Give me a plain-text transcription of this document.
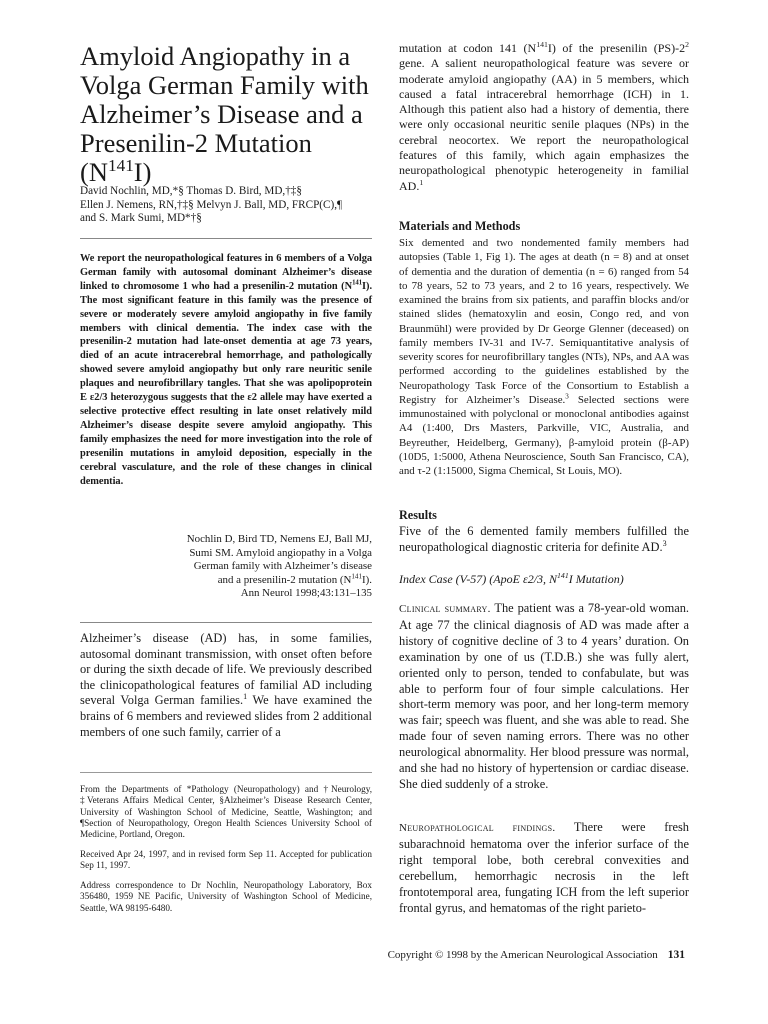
Amyloid Angiopathy in a
Volga German Family with
Alzheimer’s Disease and a
Presenilin-2 Mutation
$(N^{141}I)$

David Nochlin, MD,*§ Thomas D. Bird, MD,†‡§
Ellen J. Nemens, RN,†‡§ Melvyn J. Ball, MD, FRCP(C),¶
and S. Mark Sumi, MD*†§

We report the neuropathological features in 6 members of a Volga German family with autosomal dominant Alzheimer’s disease linked to chromosome 1 who had a presenilin-2 mutation $(N^{141}I)$. The most significant feature in this family was the presence of severe or moderately severe amyloid angiopathy in five family members with clinical dementia. The index case with the presenilin-2 mutation had late-onset dementia at age 73 years, died of an acute intracerebral hemorrhage, and pathologically showed severe amyloid angiopathy but only rare neuritic senile plaques and neurofibrillary tangles. That she was apolipoprotein E ε2/3 heterozygous suggests that the ε2 allele may have exerted a selective protective effect resulting in late onset relatively mild Alzheimer’s disease despite severe amyloid angiopathy. This family emphasizes the need for more investigation into the role of presenilin mutations in amyloid deposition, especially in the cerebral vasculature, and the role of these changes in clinical dementia.

Nochlin D, Bird TD, Nemens EJ, Ball MJ,
Sumi SM. Amyloid angiopathy in a Volga
German family with Alzheimer’s disease
and a presenilin-2 mutation $(N^{141}I)$.
Ann Neurol 1998;43:131–135

Alzheimer’s disease (AD) has, in some families, autosomal dominant transmission, with onset often before or during the sixth decade of life. We previously described the clinicopathological features of familial AD including several Volga German families.$^1$ We have examined the brains of 6 members and reviewed slides from 2 additional members of one such family, carrier of a

From the Departments of *Pathology (Neuropathology) and †Neurology, ‡Veterans Affairs Medical Center, §Alzheimer’s Disease Research Center, University of Washington School of Medicine, Seattle, Washington; and ¶Section of Neuropathology, Oregon Health Sciences University School of Medicine, Portland, Oregon.

Received Apr 24, 1997, and in revised form Sep 11. Accepted for publication Sep 11, 1997.

Address correspondence to Dr Nochlin, Neuropathology Laboratory, Box 356480, 1959 NE Pacific, University of Washington School of Medicine, Seattle, WA 98195-6480.

mutation at codon 141 $(N^{141}I)$ of the presenilin $(PS)-2^2$ gene. A salient neuropathological feature was severe or moderate amyloid angiopathy (AA) in 5 members, which caused a fatal intracerebral hemorrhage (ICH) in 1. Although this patient also had a history of dementia, there were only occasional neuritic senile plaques (NPs) in the cerebral neocortex. We report the neuropathological features of this family, which again emphasizes the neuropathological phenotypic heterogeneity in familial AD.$^1$

Materials and Methods

Six demented and two nondemented family members had autopsies (Table 1, Fig 1). The ages at death (n = 8) and at onset of dementia and the duration of dementia (n = 6) ranged from 54 to 78 years, 52 to 73 years, and 2 to 16 years, respectively. We examined the brains from six patients, and paraffin blocks and/or stained slides (hematoxylin and eosin, Congo red, and von Braunmühl) were provided by Dr George Glenner (deceased) on family members IV-31 and IV-7. Semiquantitative analysis of severity scores for neurofibrillary tangles (NTs), NPs, and AA was performed according to the guidelines established by the Neuropathology Task Force of the Consortium to Establish a Registry for Alzheimer’s Disease.$^3$ Selected sections were immunostained with polyclonal or monoclonal antibodies against A4 (1:400, Drs Masters, Parkville, VIC, Australia, and Beyreuther, Heidelberg, Germany), β-amyloid protein (β-AP) (10D5, 1:5000, Athena Neuroscience, South San Francisco, CA), and τ-2 (1:15000, Sigma Chemical, St Louis, MO).

Results

Five of the 6 demented family members fulfilled the neuropathological diagnostic criteria for definite AD.$^3$

Index Case (V-57) (ApoE ε2/3, $N^{141}I$ Mutation)

Clinical summary. The patient was a 78-year-old woman. At age 77 the clinical diagnosis of AD was made after a history of cognitive decline of 3 to 4 years’ duration. On examination by one of us (T.D.B.) she was fully alert, oriented only to person, tended to confabulate, but was able to perform four of four simple calculations. Her short-term memory was poor, and her long-term memory was fair; speech was fluent, and she was able to read. She made four of seven naming errors. There was no other neurological abnormality. Her blood pressure was normal, and she had no history of hypertension or cardiac disease. She died suddenly of a stroke.

Neuropathological findings. There were fresh subarachnoid hematoma over the inferior surface of the right temporal lobe, both cerebral convexities and cerebellum, hemorrhagic necrosis in the left frontotemporal area, fungating ICH from the left superior frontal gyrus, and hematomas of the right parieto-

Copyright © 1998 by the American Neurological Association 131
